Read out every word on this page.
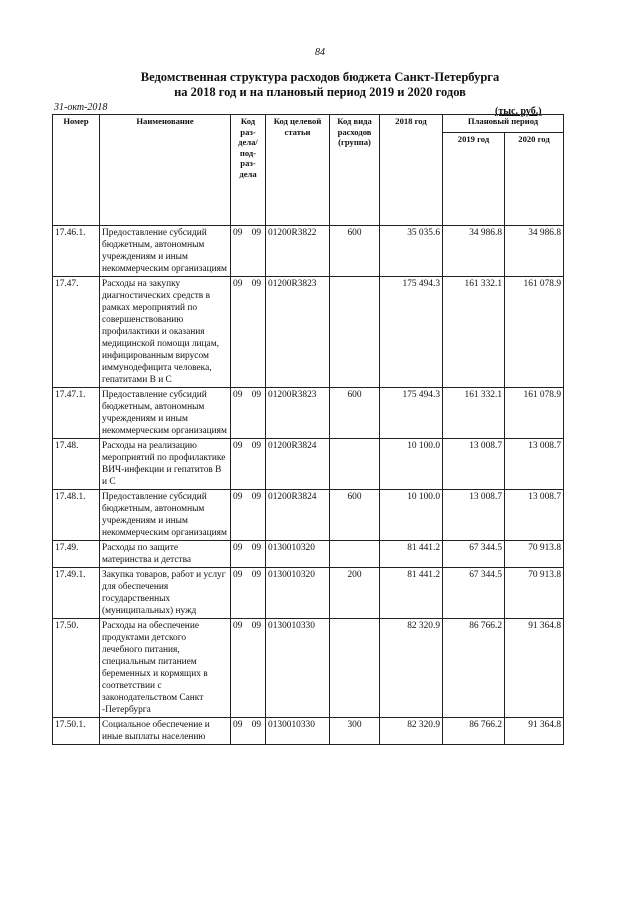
84
Ведомственная структура расходов бюджета Санкт-Петербурга
на 2018 год и на плановый период 2019 и 2020 годов
31-окт-2018	(тыс. руб.)
Номер	Наименование	Код раз- дела/ под- раз- дела	Код целевой статьи	Код вида расходов (группа)	2018 год	Плановый период	
						2019 год	2020 год
17.46.1.	Предоставление субсидий бюджетным, автономным учреждениям и иным некоммерческим организациям	09 09	01200R3822	600	35 035.6	34 986.8	34 986.8
17.47.	Расходы на закупку диагностических средств в рамках мероприятий по совершенствованию профилактики и оказания медицинской помощи лицам, инфицированным вирусом иммунодефицита человека, гепатитами В и С	09 09	01200R3823		175 494.3	161 332.1	161 078.9
17.47.1.	Предоставление субсидий бюджетным, автономным учреждениям и иным некоммерческим организациям	09 09	01200R3823	600	175 494.3	161 332.1	161 078.9
17.48.	Расходы на реализацию мероприятий по профилактике ВИЧ-инфекции и гепатитов В и С	09 09	01200R3824		10 100.0	13 008.7	13 008.7
17.48.1.	Предоставление субсидий бюджетным, автономным учреждениям и иным некоммерческим организациям	09 09	01200R3824	600	10 100.0	13 008.7	13 008.7
17.49.	Расходы по защите материнства и детства	09 09	0130010320		81 441.2	67 344.5	70 913.8
17.49.1.	Закупка товаров, работ и услуг для обеспечения государственных (муниципальных) нужд	09 09	0130010320	200	81 441.2	67 344.5	70 913.8
17.50.	Расходы на обеспечение продуктами детского лечебного питания, специальным питанием беременных и кормящих в соответствии с законодательством Санкт -Петербурга	09 09	0130010330		82 320.9	86 766.2	91 364.8
17.50.1.	Социальное обеспечение и иные выплаты населению	09 09	0130010330	300	82 320.9	86 766.2	91 364.8
